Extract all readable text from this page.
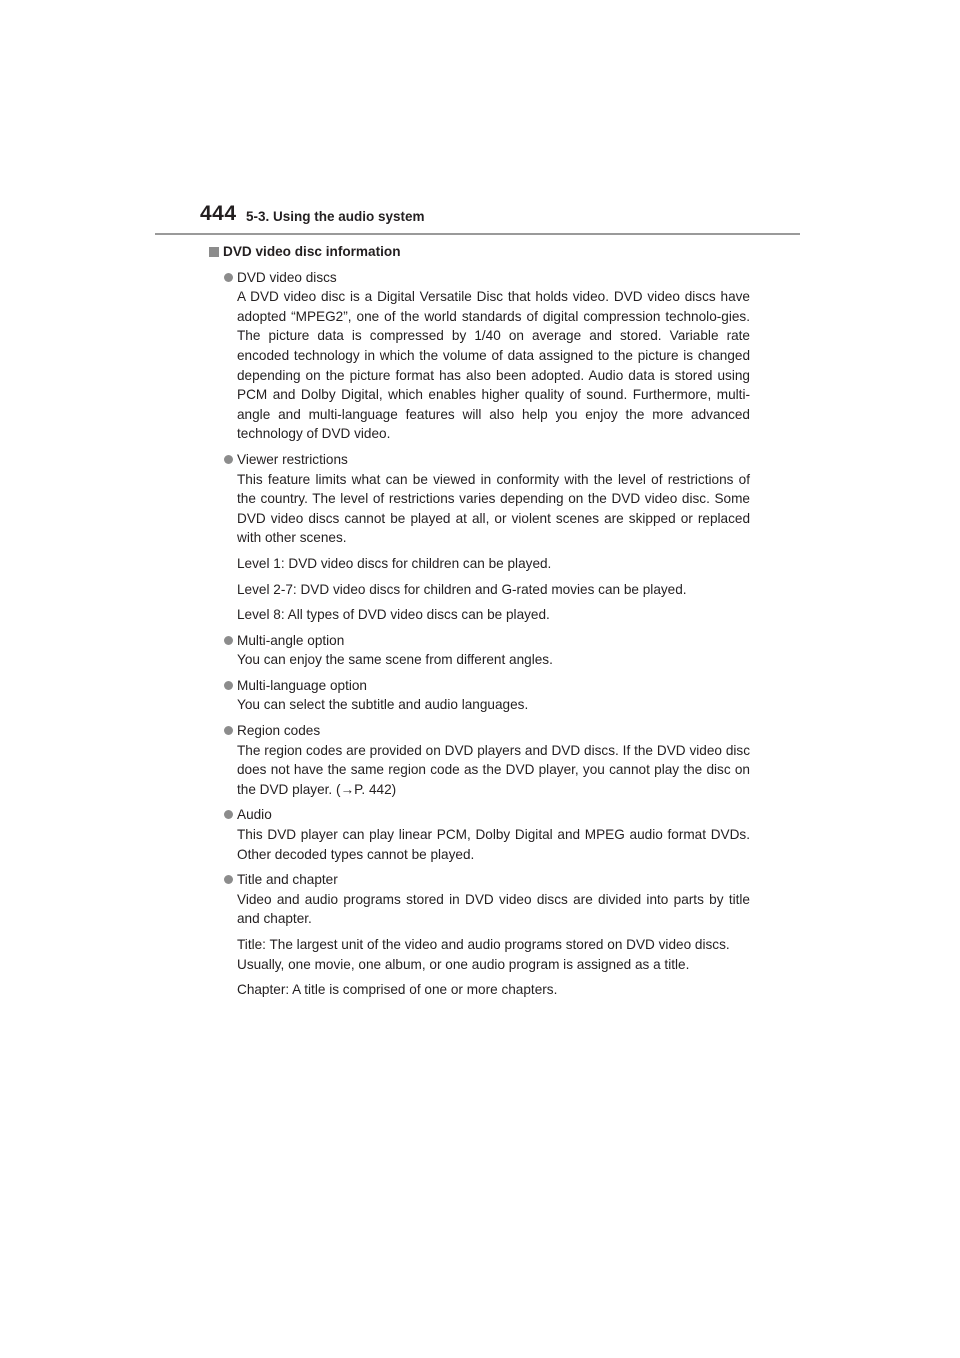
444 5-3. Using the audio system
DVD video disc information
DVD video discs
A DVD video disc is a Digital Versatile Disc that holds video. DVD video discs have adopted “MPEG2”, one of the world standards of digital compression technolo-gies. The picture data is compressed by 1/40 on average and stored. Variable rate encoded technology in which the volume of data assigned to the picture is changed depending on the picture format has also been adopted. Audio data is stored using PCM and Dolby Digital, which enables higher quality of sound. Furthermore, multi-angle and multi-language features will also help you enjoy the more advanced technology of DVD video.
Viewer restrictions
This feature limits what can be viewed in conformity with the level of restrictions of the country. The level of restrictions varies depending on the DVD video disc. Some DVD video discs cannot be played at all, or violent scenes are skipped or replaced with other scenes.
Level 1: DVD video discs for children can be played.
Level 2-7: DVD video discs for children and G-rated movies can be played.
Level 8: All types of DVD video discs can be played.
Multi-angle option
You can enjoy the same scene from different angles.
Multi-language option
You can select the subtitle and audio languages.
Region codes
The region codes are provided on DVD players and DVD discs. If the DVD video disc does not have the same region code as the DVD player, you cannot play the disc on the DVD player. (→P. 442)
Audio
This DVD player can play linear PCM, Dolby Digital and MPEG audio format DVDs. Other decoded types cannot be played.
Title and chapter
Video and audio programs stored in DVD video discs are divided into parts by title and chapter.
Title: The largest unit of the video and audio programs stored on DVD video discs. Usually, one movie, one album, or one audio program is assigned as a title.
Chapter: A title is comprised of one or more chapters.
